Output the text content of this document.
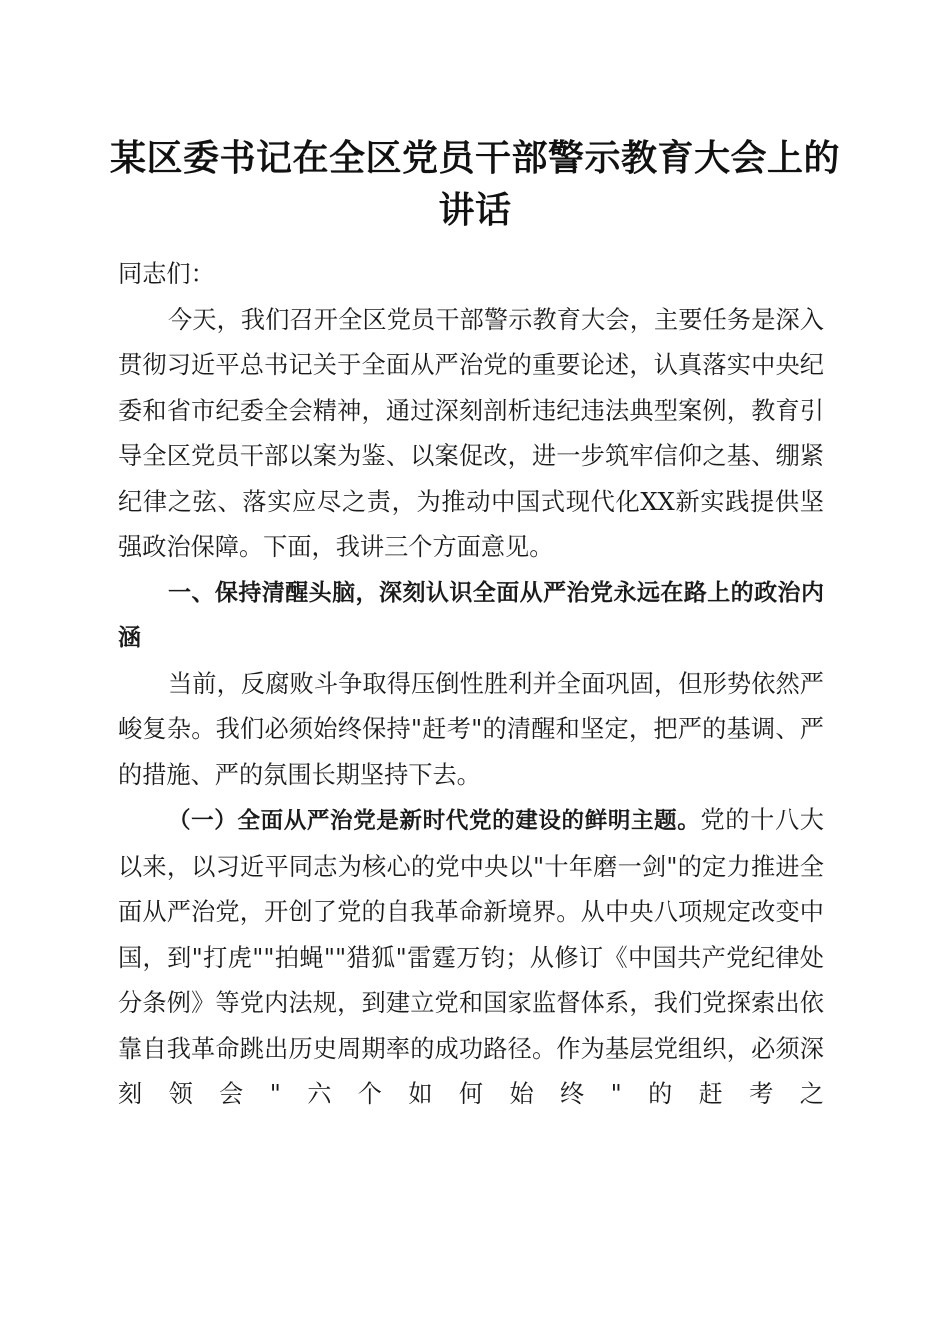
某区委书记在全区党员干部警示教育大会上的讲话

同志们：

今天，我们召开全区党员干部警示教育大会，主要任务是深入贯彻习近平总书记关于全面从严治党的重要论述，认真落实中央纪委和省市纪委全会精神，通过深刻剖析违纪违法典型案例，教育引导全区党员干部以案为鉴、以案促改，进一步筑牢信仰之基、绷紧纪律之弦、落实应尽之责，为推动中国式现代化XX新实践提供坚强政治保障。下面，我讲三个方面意见。

一、保持清醒头脑，深刻认识全面从严治党永远在路上的政治内涵

当前，反腐败斗争取得压倒性胜利并全面巩固，但形势依然严峻复杂。我们必须始终保持"赶考"的清醒和坚定，把严的基调、严的措施、严的氛围长期坚持下去。

（一）全面从严治党是新时代党的建设的鲜明主题。党的十八大以来，以习近平同志为核心的党中央以"十年磨一剑"的定力推进全面从严治党，开创了党的自我革命新境界。从中央八项规定改变中国，到"打虎""拍蝇""猎狐"雷霆万钧；从修订《中国共产党纪律处分条例》等党内法规，到建立党和国家监督体系，我们党探索出依靠自我革命跳出历史周期率的成功路径。作为基层党组织，必须深刻领会"六个如何始终"的赶考之
